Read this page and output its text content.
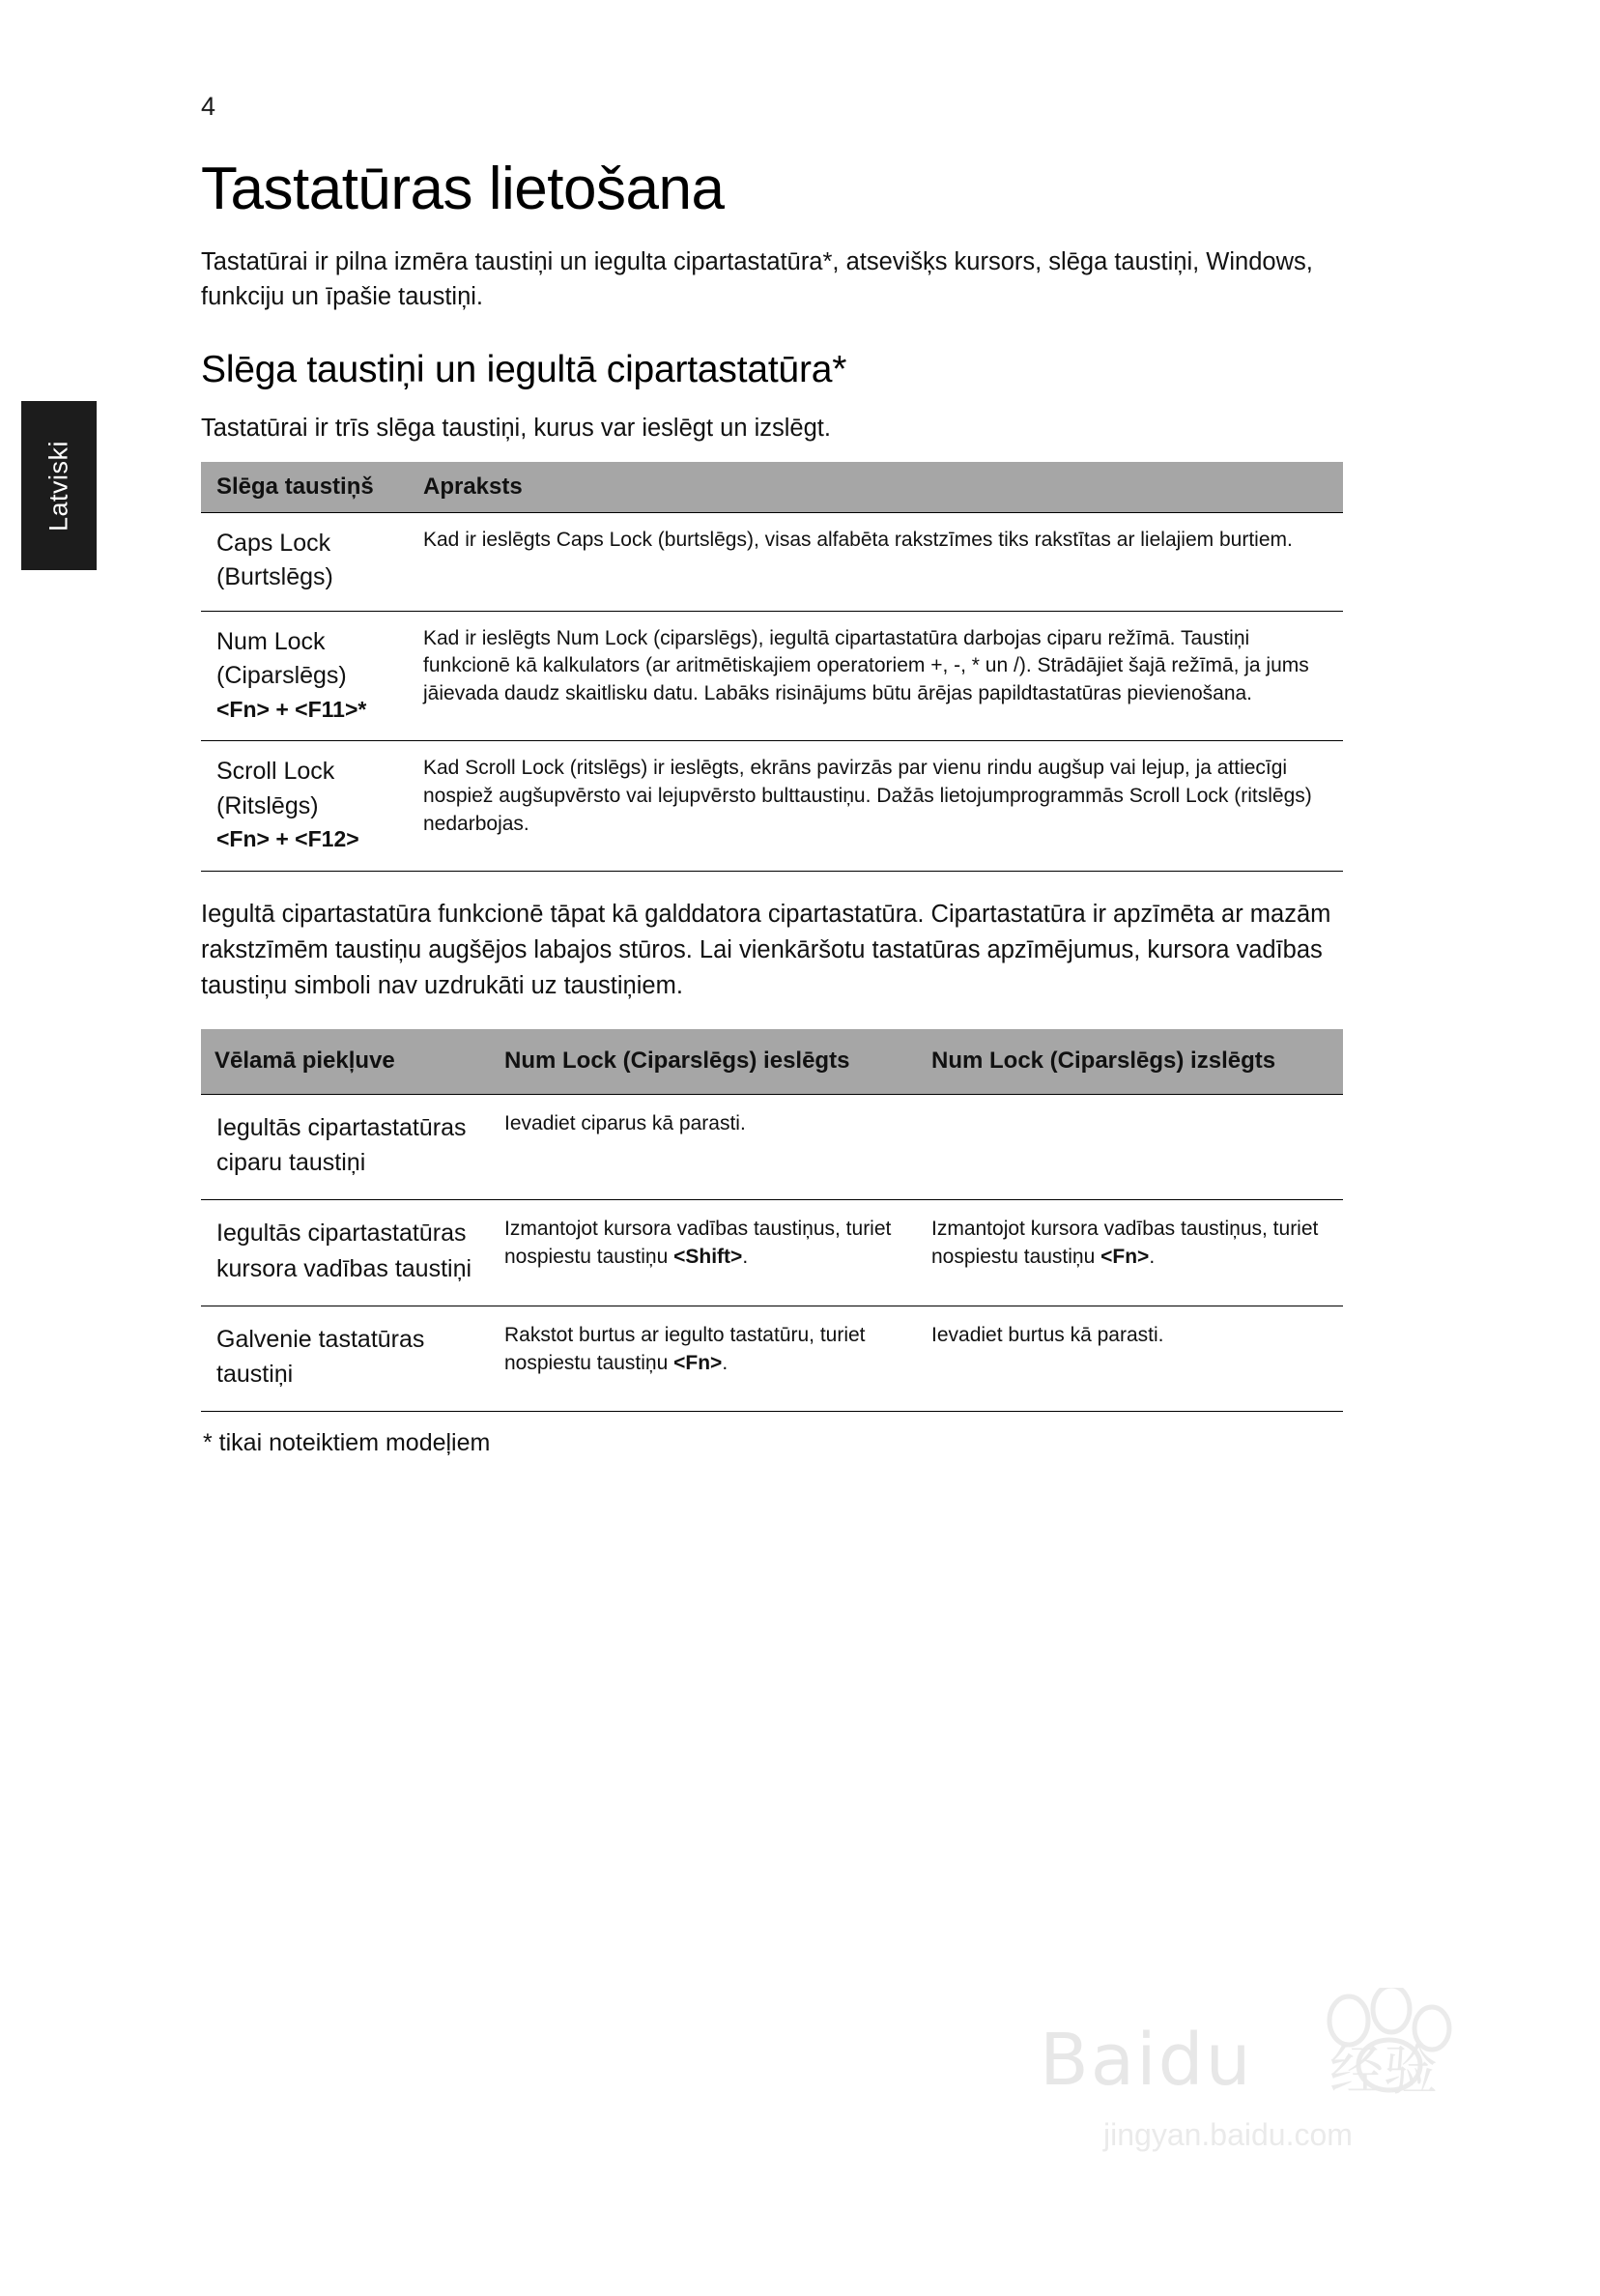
4
Latviski
Tastatūras lietošana

Tastatūrai ir pilna izmēra taustiņi un iegulta cipartastatūra*, atsevišķs kursors, slēga taustiņi, Windows, funkciju un īpašie taustiņi.

Slēga taustiņi un iegultā cipartastatūra*

Tastatūrai ir trīs slēga taustiņi, kurus var ieslēgt un izslēgt.

Slēga taustiņš	Apraksts

Caps Lock
(Burtslēgs)	Kad ir ieslēgts Caps Lock (burtslēgs), visas alfabēta rakstzīmes tiks rakstītas ar lielajiem burtiem.

Num Lock
(Ciparslēgs)
<Fn> + <F11>*
	Kad ir ieslēgts Num Lock (ciparslēgs), iegultā cipartastatūra darbojas ciparu režīmā. Taustiņi funkcionē kā kalkulators (ar aritmētiskajiem operatoriem +, -, * un /). Strādājiet šajā režīmā, ja jums jāievada daudz skaitlisku datu. Labāks risinājums būtu ārējas papildtastatūras pievienošana.

Scroll Lock
(Ritslēgs)
<Fn> + <F12>
	Kad Scroll Lock (ritslēgs) ir ieslēgts, ekrāns pavirzās par vienu rindu augšup vai lejup, ja attiecīgi nospiež augšupvērsto vai lejupvērsto bulttaustiņu. Dažās lietojumprogrammās Scroll Lock (ritslēgs) nedarbojas.

Iegultā cipartastatūra funkcionē tāpat kā galddatora cipartastatūra. Cipartastatūra ir apzīmēta ar mazām rakstzīmēm taustiņu augšējos labajos stūros. Lai vienkāršotu tastatūras apzīmējumus, kursora vadības taustiņu simboli nav uzdrukāti uz taustiņiem.

Vēlamā piekļuve	Num Lock (Ciparslēgs) ieslēgts	Num Lock (Ciparslēgs) izslēgts
Iegultās cipartastatūras ciparu taustiņi	Ievadiet ciparus kā parasti.	
Iegultās cipartastatūras kursora vadības taustiņi	Izmantojot kursora vadības taustiņus, turiet nospiestu taustiņu <Shift>.	Izmantojot kursora vadības taustiņus, turiet nospiestu taustiņu <Fn>.
Galvenie tastatūras taustiņi	Rakstot burtus ar iegulto tastatūru, turiet nospiestu taustiņu <Fn>.	Ievadiet burtus kā parasti.

* tikai noteiktiem modeļiem

Baidu 经验
jingyan.baidu.com
